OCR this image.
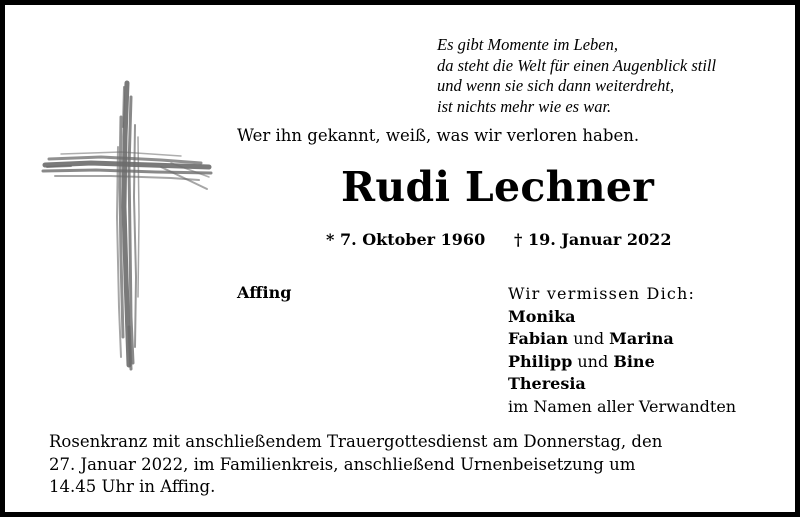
Es gibt Momente im Leben,
da steht die Welt für einen Augenblick still
und wenn sie sich dann weiterdreht,
ist nichts mehr wie es war.

Wer ihn gekannt, weiß, was wir verloren haben.

Rudi Lechner
* 7. Oktober 1960 † 19. Januar 2022
Affing	Wir vermissen Dich:
Monika
Fabian und Marina
Philipp und Bine
Theresia
im Namen aller Verwandten
Rosenkranz mit anschließendem Trauergottesdienst am Donnerstag, den
27. Januar 2022, im Familienkreis, anschließend Urnenbeisetzung um
14.45 Uhr in Affing.
